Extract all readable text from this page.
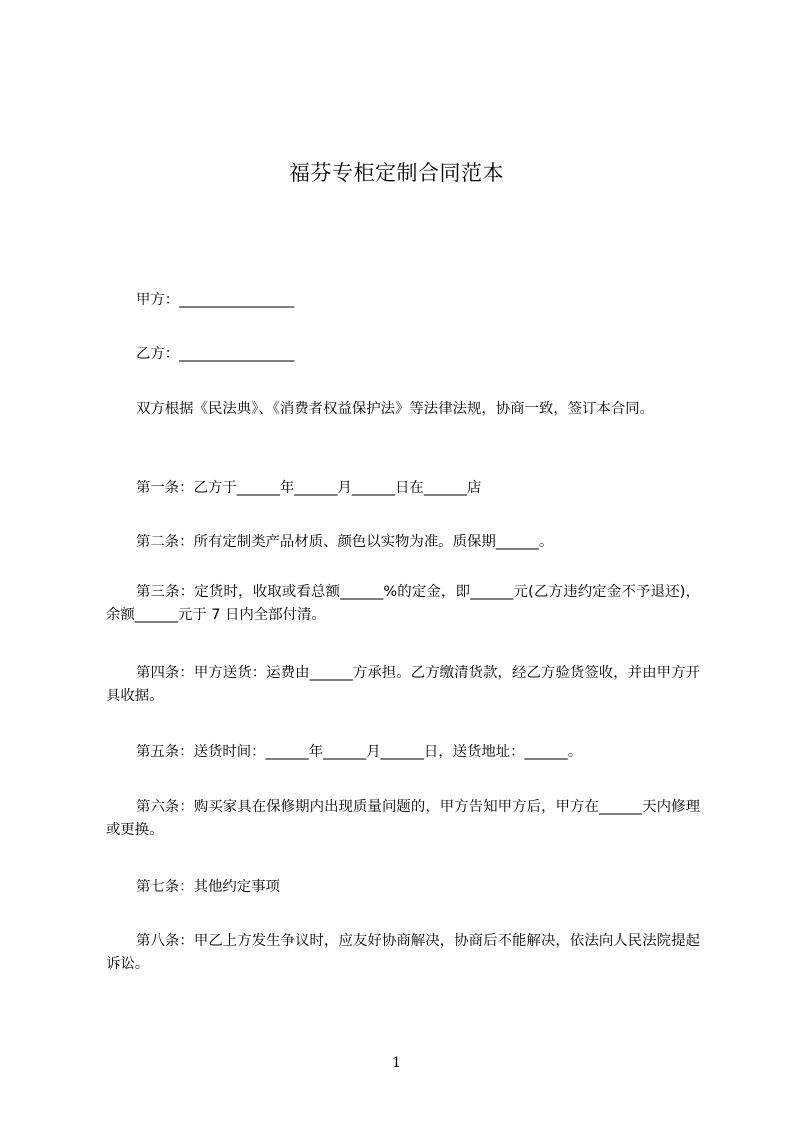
福芬专柜定制合同范本

甲方：________________

乙方：________________

双方根据《民法典》、《消费者权益保护法》等法律法规，协商一致，签订本合同。

第一条：乙方于______年______月______日在______店

第二条：所有定制类产品材质、颜色以实物为准。质保期______。

第三条：定货时，收取或看总额______%的定金，即______元(乙方违约定金不予退还)，余额______元于 7 日内全部付清。

第四条：甲方送货：运费由______方承担。乙方缴清货款，经乙方验货签收，并由甲方开具收据。

第五条：送货时间：______年______月______日，送货地址：______。

第六条：购买家具在保修期内出现质量问题的，甲方告知甲方后，甲方在______天内修理或更换。

第七条：其他约定事项

第八条：甲乙上方发生争议时，应友好协商解决，协商后不能解决，依法向人民法院提起诉讼。

1
